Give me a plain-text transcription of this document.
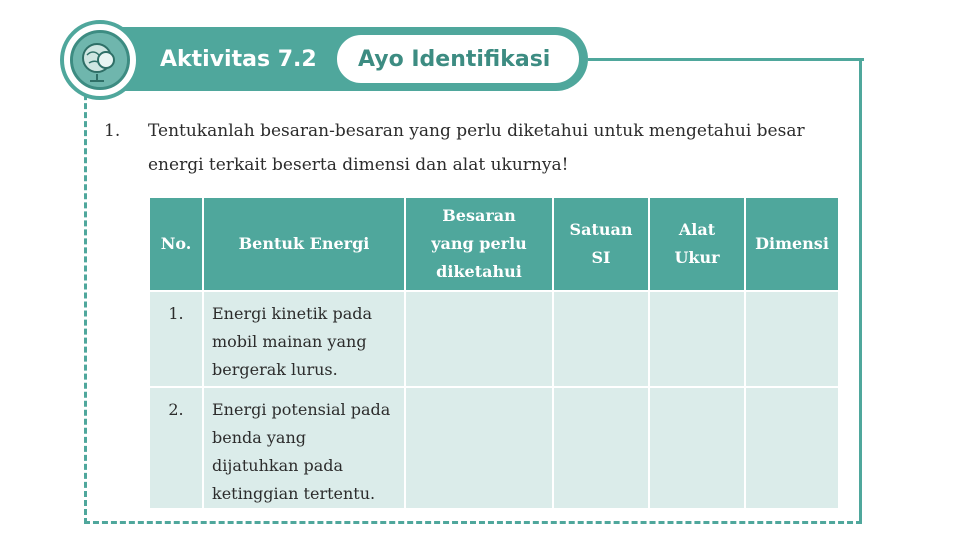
Aktivitas 7.2 Ayo Identifikasi
1. Tentukanlah besaran-besaran yang perlu diketahui untuk mengetahui besar energi terkait beserta dimensi dan alat ukurnya!
No.	Bentuk Energi	Besaran yang perlu diketahui	Satuan SI	Alat Ukur	Dimensi
1.	Energi kinetik pada mobil mainan yang bergerak lurus.				
2.	Energi potensial pada benda yang dijatuhkan pada ketinggian tertentu.				
